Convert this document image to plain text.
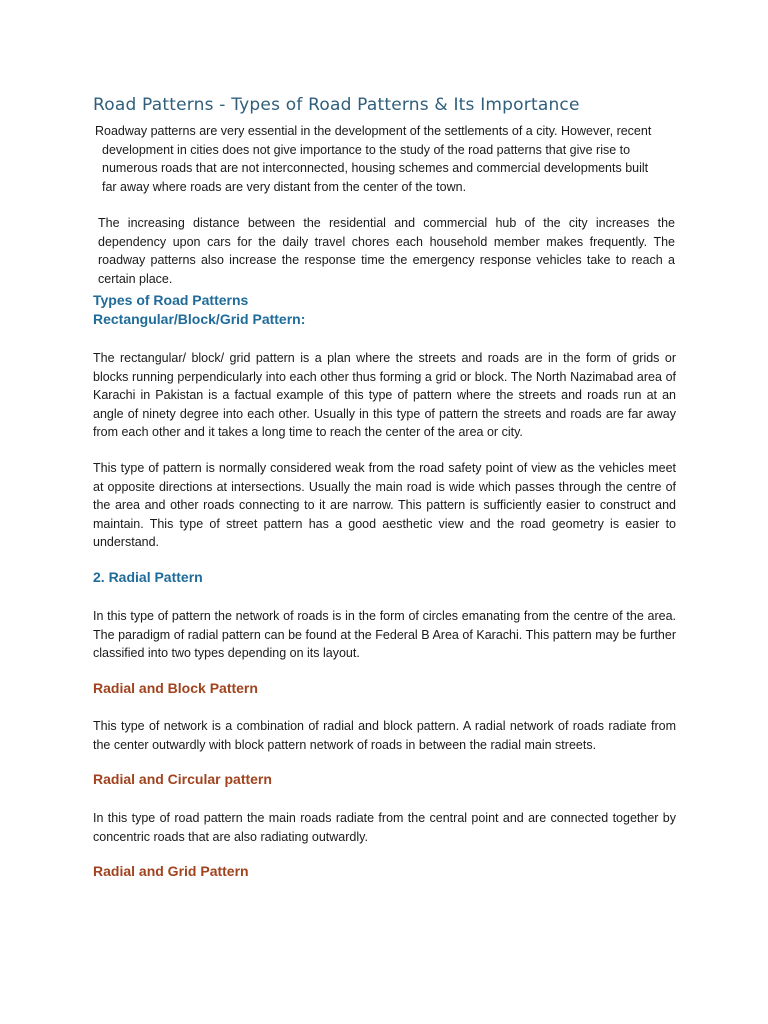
Road Patterns - Types of Road Patterns & Its Importance

Roadway patterns are very essential in the development of the settlements of a city. However, recent
development in cities does not give importance to the study of the road patterns that give rise to
numerous roads that are not interconnected, housing schemes and commercial developments built
far away where roads are very distant from the center of the town.

The increasing distance between the residential and commercial hub of the city increases the dependency upon cars for the daily travel chores each household member makes frequently. The roadway patterns also increase the response time the emergency response vehicles take to reach a certain place.

Types of Road Patterns
Rectangular/Block/Grid Pattern:

The rectangular/ block/ grid pattern is a plan where the streets and roads are in the form of grids or blocks running perpendicularly into each other thus forming a grid or block. The North Nazimabad area of Karachi in Pakistan is a factual example of this type of pattern where the streets and roads run at an angle of ninety degree into each other. Usually in this type of pattern the streets and roads are far away from each other and it takes a long time to reach the center of the area or city.

This type of pattern is normally considered weak from the road safety point of view as the vehicles meet at opposite directions at intersections. Usually the main road is wide which passes through the centre of the area and other roads connecting to it are narrow. This pattern is sufficiently easier to construct and maintain. This type of street pattern has a good aesthetic view and the road geometry is easier to understand.

2. Radial Pattern

In this type of pattern the network of roads is in the form of circles emanating from the centre of the area. The paradigm of radial pattern can be found at the Federal B Area of Karachi. This pattern may be further classified into two types depending on its layout.

Radial and Block Pattern

This type of network is a combination of radial and block pattern. A radial network of roads radiate from the center outwardly with block pattern network of roads in between the radial main streets.

Radial and Circular pattern

In this type of road pattern the main roads radiate from the central point and are connected together by concentric roads that are also radiating outwardly.

Radial and Grid Pattern
